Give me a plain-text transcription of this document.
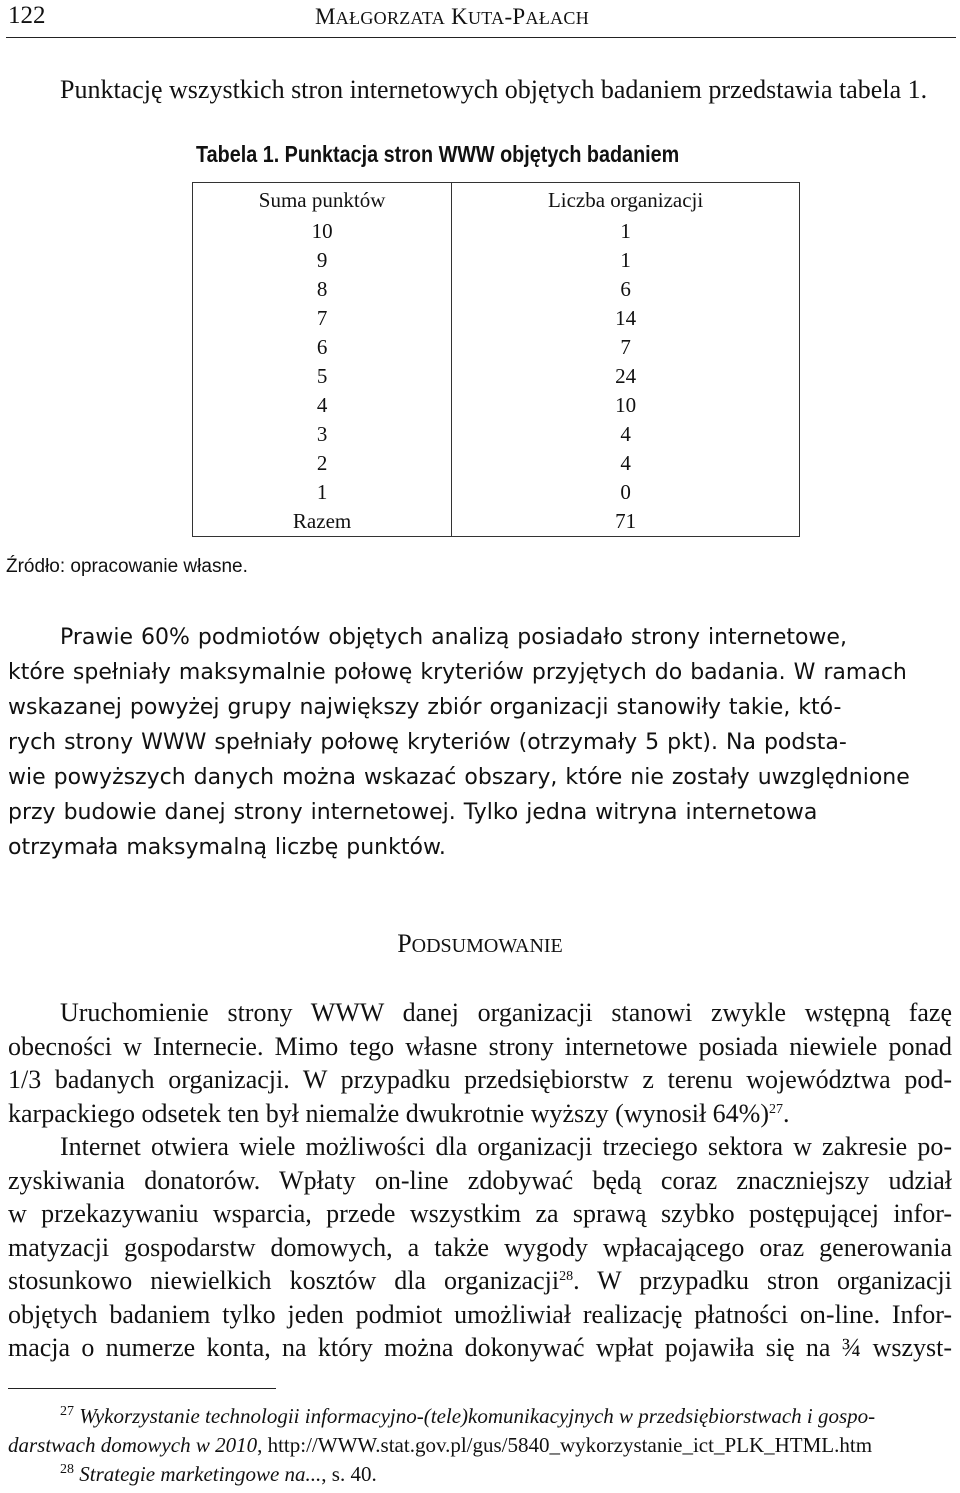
122	MAŁGORZATA KUTA-PAŁACH
Punktację wszystkich stron internetowych objętych badaniem przedstawia tabela 1.
Tabela 1. Punktacja stron WWW objętych badaniem
Suma punktów	Liczba organizacji
10	1
9	1
8	6
7	14
6	7
5	24
4	10
3	4
2	4
1	0
Razem	71
Źródło: opracowanie własne.
Prawie 60% podmiotów objętych analizą posiadało strony internetowe,
które spełniały maksymalnie połowę kryteriów przyjętych do badania. W ramach
wskazanej powyżej grupy największy zbiór organizacji stanowiły takie, któ-
rych strony WWW spełniały połowę kryteriów (otrzymały 5 pkt). Na podsta-
wie powyższych danych można wskazać obszary, które nie zostały uwzględnione
przy budowie danej strony internetowej. Tylko jedna witryna internetowa
otrzymała maksymalną liczbę punktów.
PODSUMOWANIE
Uruchomienie strony WWW danej organizacji stanowi zwykle wstępną fazę
obecności w Internecie. Mimo tego własne strony internetowe posiada niewiele ponad
1/3 badanych organizacji. W przypadku przedsiębiorstw z terenu województwa pod-
karpackiego odsetek ten był niemalże dwukrotnie wyższy (wynosił 64%)$^{27}$.
Internet otwiera wiele możliwości dla organizacji trzeciego sektora w zakresie po-
zyskiwania donatorów. Wpłaty on-line zdobywać będą coraz znaczniejszy udział
w przekazywaniu wsparcia, przede wszystkim za sprawą szybko postępującej infor-
matyzacji gospodarstw domowych, a także wygody wpłacającego oraz generowania
stosunkowo niewielkich kosztów dla organizacji$^{28}$. W przypadku stron organizacji
objętych badaniem tylko jeden podmiot umożliwiał realizację płatności on-line. Infor-
macja o numerze konta, na który można dokonywać wpłat pojawiła się na ¾ wszyst-
$^{27}$ Wykorzystanie technologii informacyjno-(tele)komunikacyjnych w przedsiębiorstwach i gospo-
darstwach domowych w 2010, http://WWW.stat.gov.pl/gus/5840_wykorzystanie_ict_PLK_HTML.htm
$^{28}$ Strategie marketingowe na..., s. 40.
